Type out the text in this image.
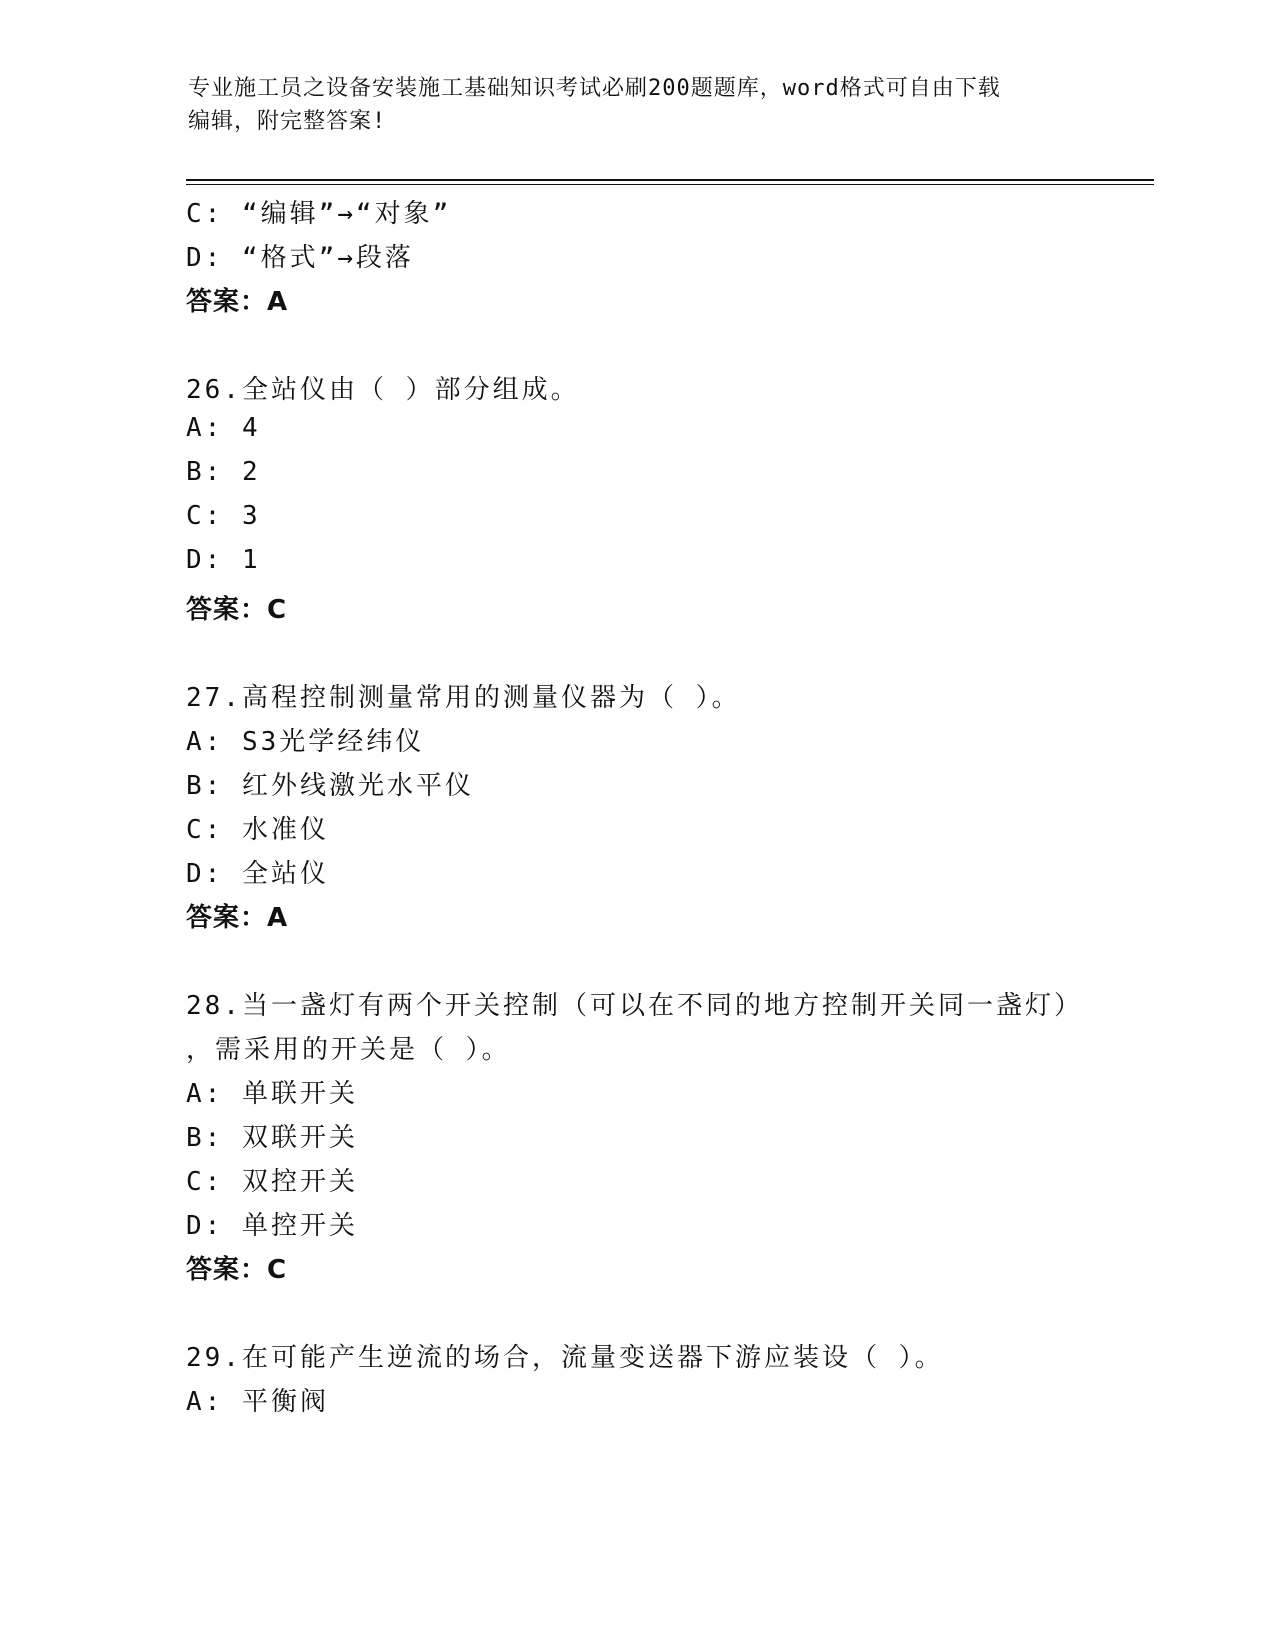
专业施工员之设备安装施工基础知识考试必刷200题题库，word格式可自由下载
编辑，附完整答案!
C: “编辑”→“对象”
D: “格式”→段落
答案：A
26.全站仪由（ ）部分组成。
A: 4
B: 2
C: 3
D: 1
答案：C
27.高程控制测量常用的测量仪器为（ ）。
A: S3光学经纬仪
B: 红外线激光水平仪
C: 水准仪
D: 全站仪
答案：A
28.当一盏灯有两个开关控制（可以在不同的地方控制开关同一盏灯）
，需采用的开关是（ ）。
A: 单联开关
B: 双联开关
C: 双控开关
D: 单控开关
答案：C
29.在可能产生逆流的场合，流量变送器下游应装设（ ）。
A: 平衡阀
